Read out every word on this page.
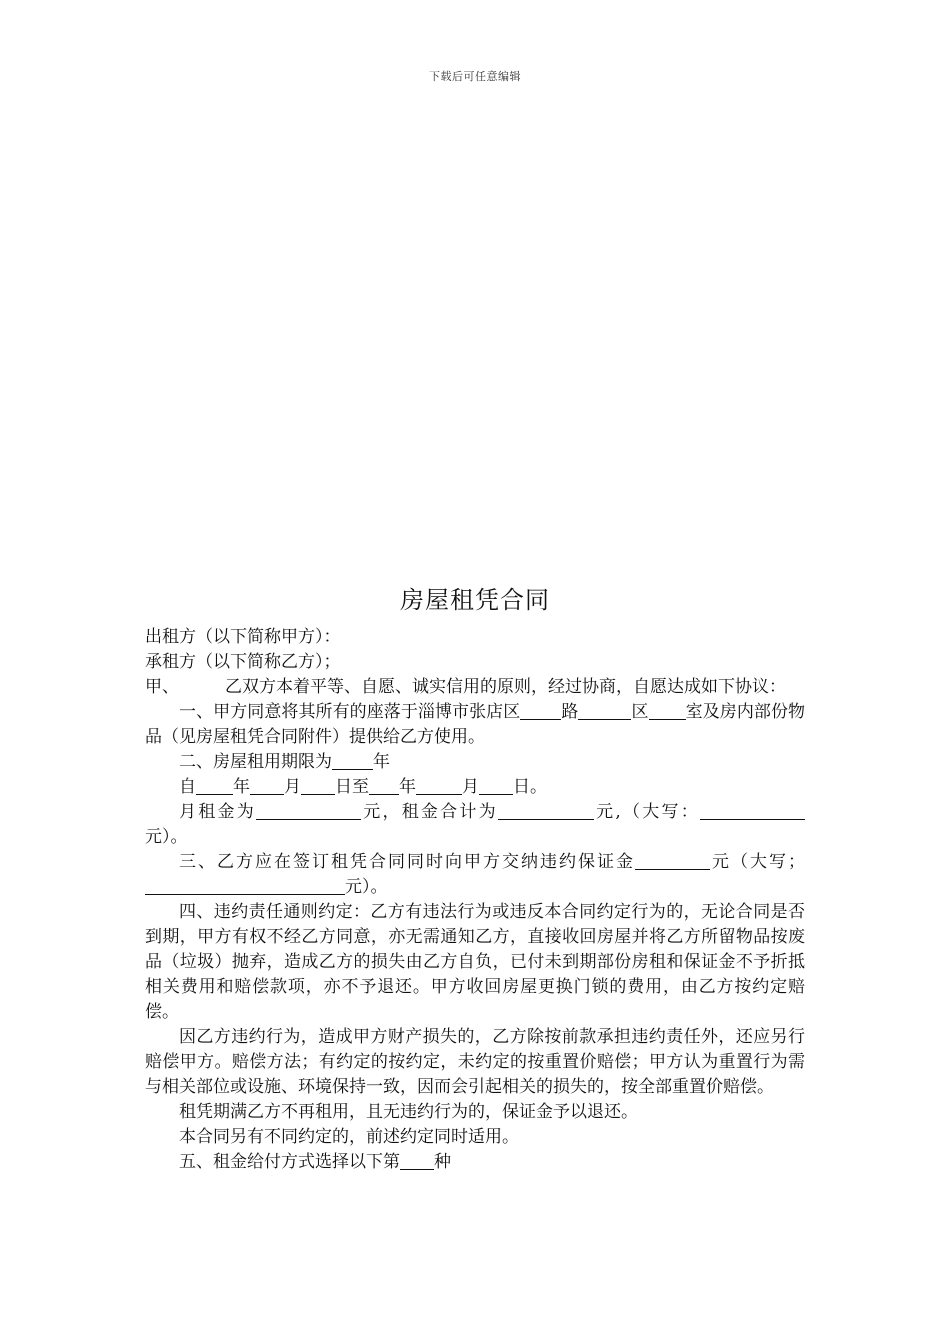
下载后可任意编辑
房屋租凭合同

出租方（以下简称甲方）：

承租方（以下简称乙方）；

甲、	乙双方本着平等、自愿、诚实信用的原则，经过协商，自愿达成如下协议：

一、甲方同意将其所有的座落于淄博市张店区 路	区 室及房内部份物品（见房屋租凭合同附件）提供给乙方使用。

二、房屋租用期限为 年

自 年 月 日至 年	月 日。

月租金为	元，租金合计为	元,（大写：

元）。

三、乙方应在签订租凭合同同时向甲方交纳违约保证金	元（大写；

元）。

四、违约责任通则约定：乙方有违法行为或违反本合同约定行为的，无论合同是否到期，甲方有权不经乙方同意，亦无需通知乙方，直接收回房屋并将乙方所留物品按废品（垃圾）抛弃，造成乙方的损失由乙方自负，已付未到期部份房租和保证金不予折抵相关费用和赔偿款项，亦不予退还。甲方收回房屋更换门锁的费用，由乙方按约定赔偿。

因乙方违约行为，造成甲方财产损失的，乙方除按前款承担违约责任外，还应另行赔偿甲方。赔偿方法；有约定的按约定，未约定的按重置价赔偿；甲方认为重置行为需与相关部位或设施、环境保持一致，因而会引起相关的损失的，按全部重置价赔偿。

租凭期满乙方不再租用，且无违约行为的，保证金予以退还。

本合同另有不同约定的，前述约定同时适用。

五、租金给付方式选择以下第 种
